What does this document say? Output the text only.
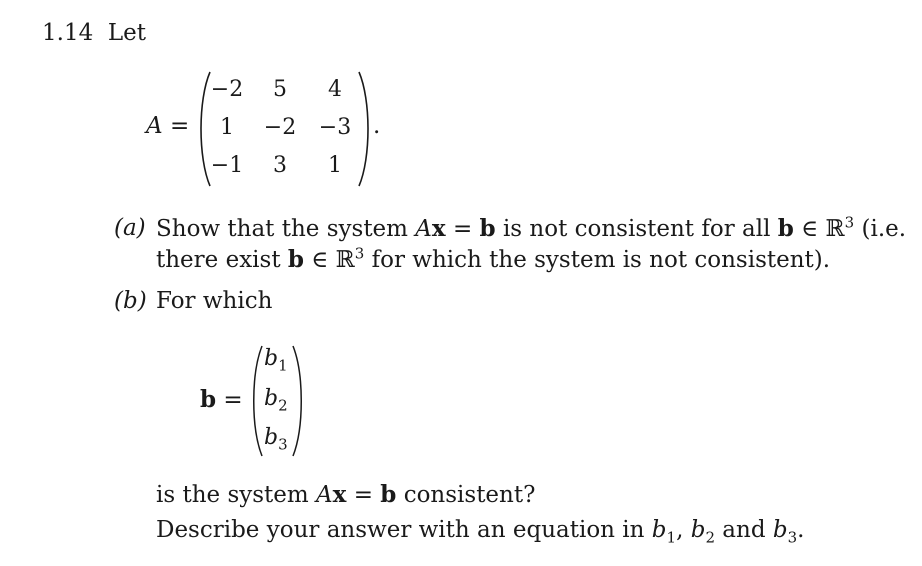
1.14 Let
A =
−2	5	4
1	−2	−3
−1	3	1
.
(a) Show that the system Ax = b is not consistent for all b ∈ ℝ$^3$ (i.e.
there exist b ∈ ℝ$^3$ for which the system is not consistent).
(b) For which
b =
$b_1$
$b_2$
$b_3$
is the system Ax = b consistent?
Describe your answer with an equation in $b_1$, $b_2$ and $b_3$.
